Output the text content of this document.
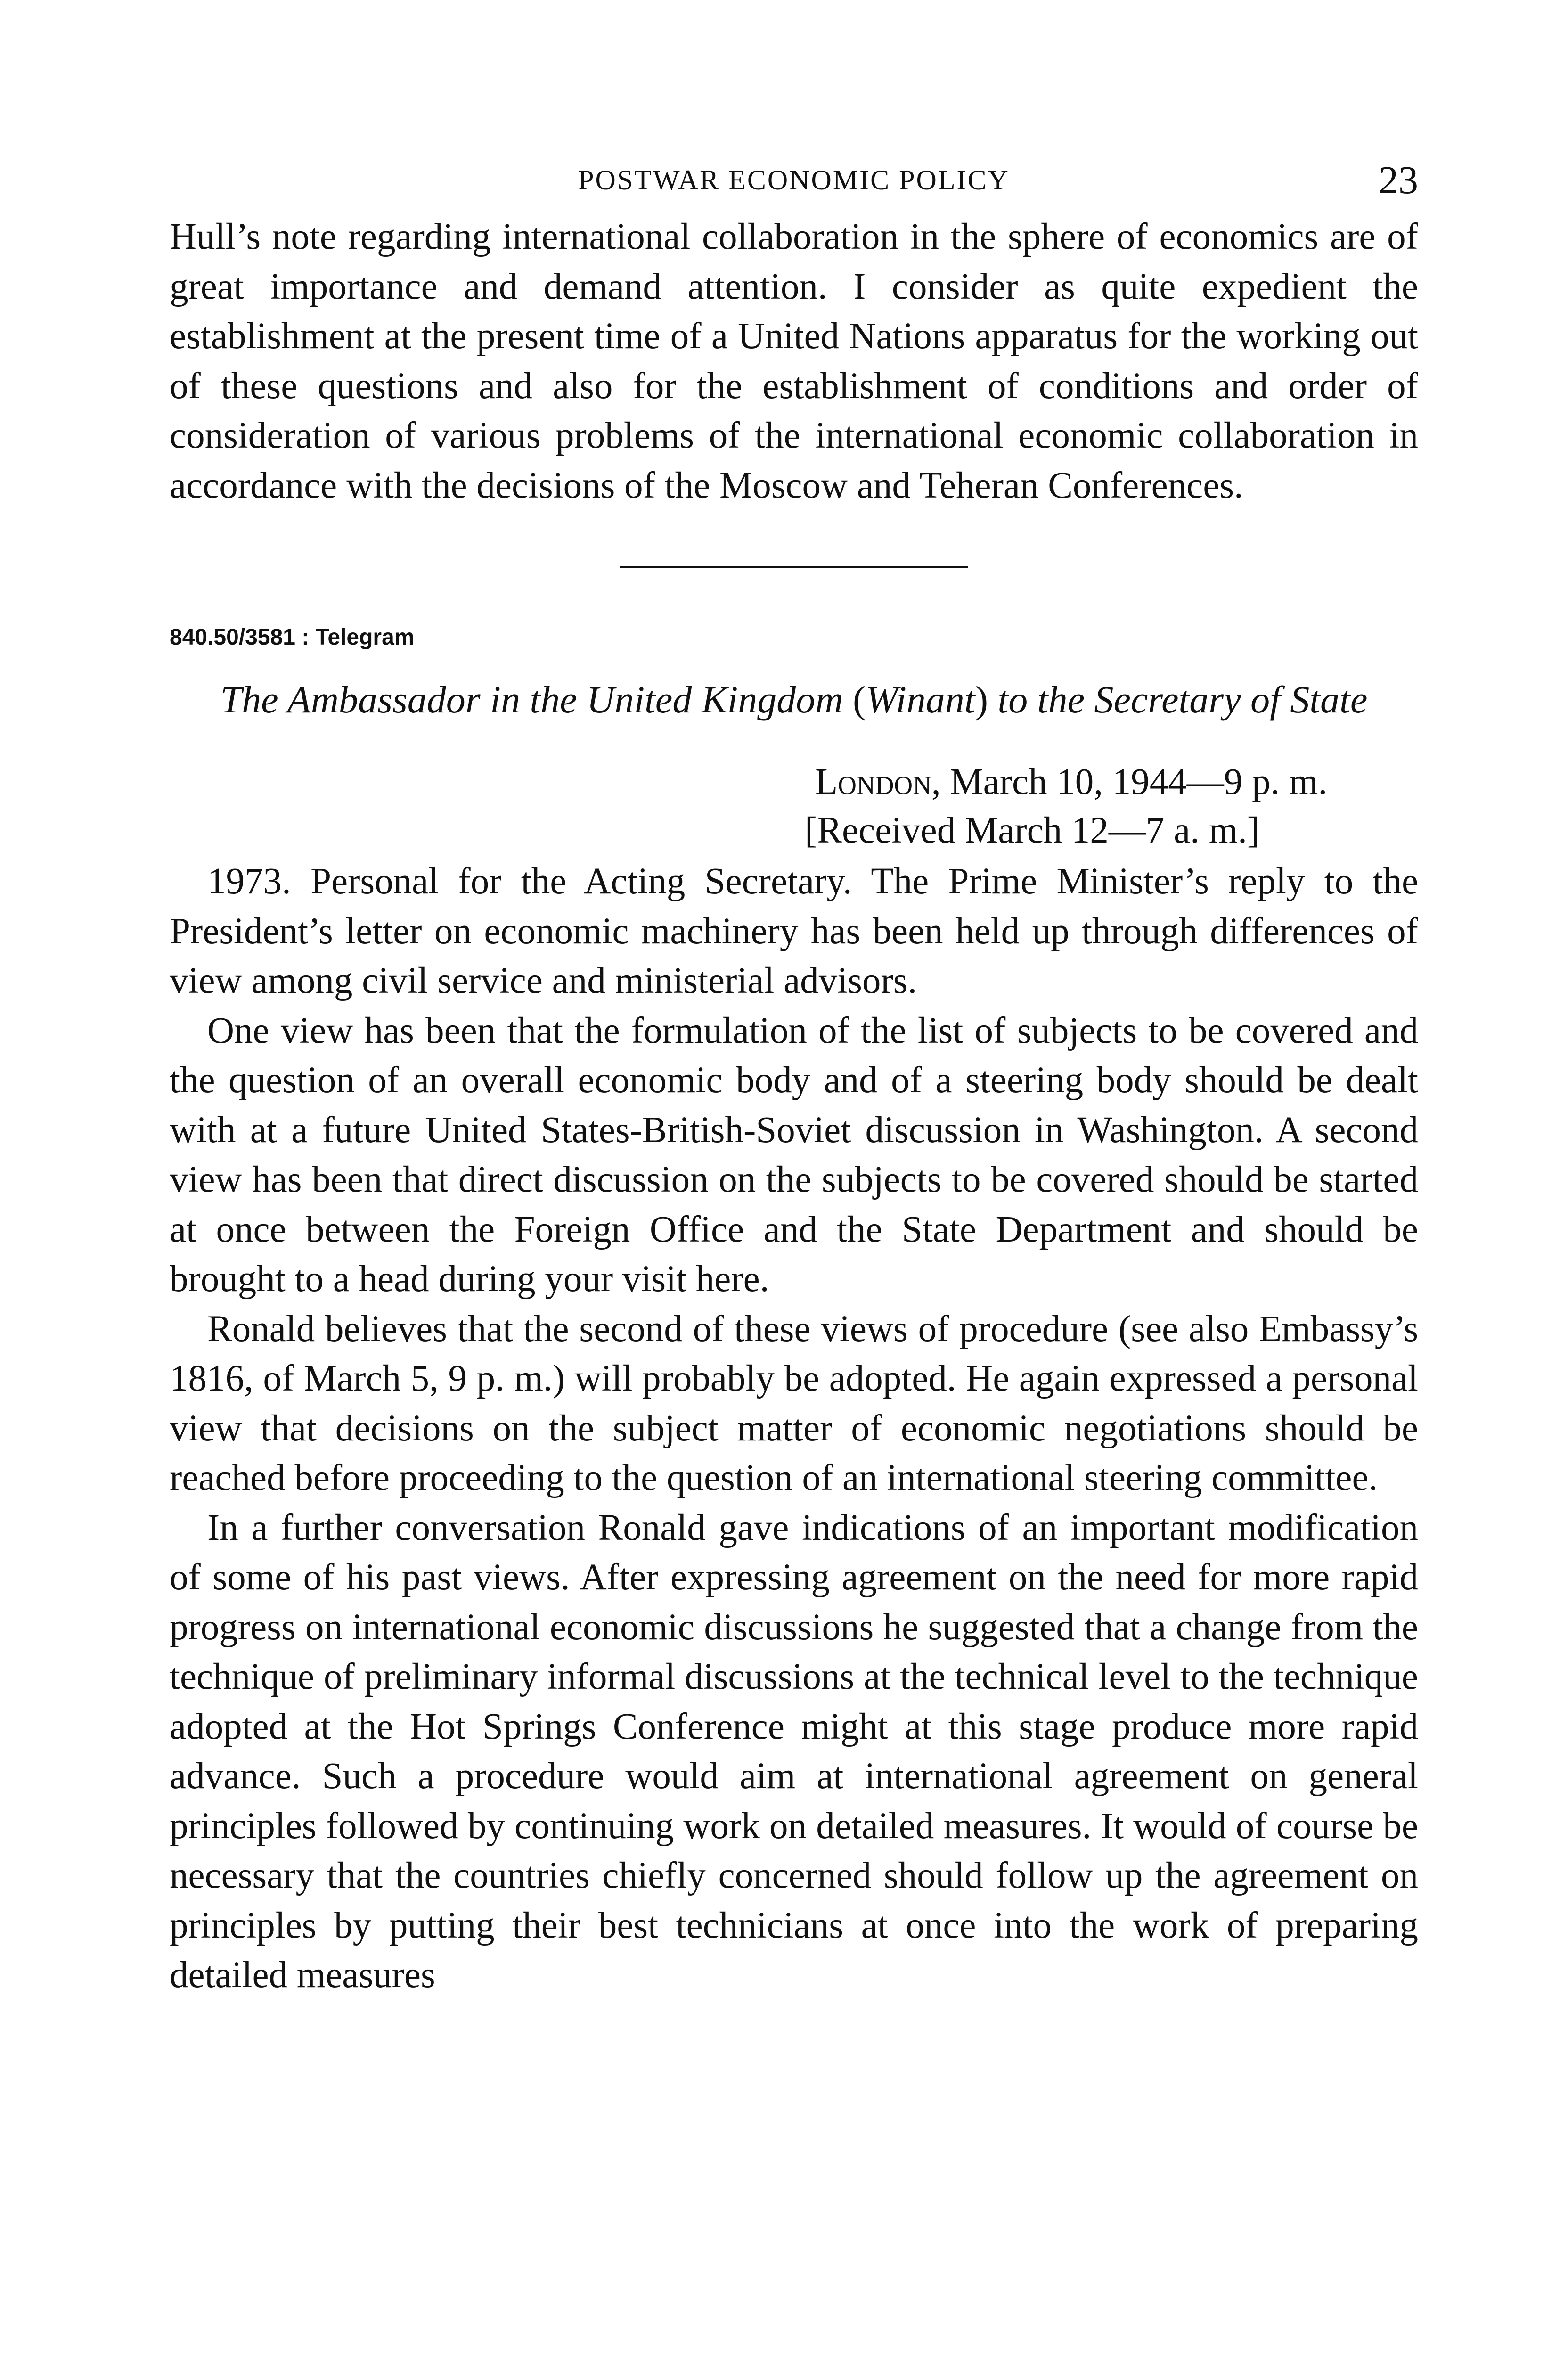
POSTWAR ECONOMIC POLICY	23

Hull’s note regarding international collaboration in the sphere of economics are of great importance and demand attention. I consider as quite expedient the establishment at the present time of a United Nations apparatus for the working out of these questions and also for the establishment of conditions and order of consideration of various problems of the international economic collaboration in accordance with the decisions of the Moscow and Teheran Conferences.

840.50/3581 : Telegram
The Ambassador in the United Kingdom (Winant) to the Secretary of State
London, March 10, 1944—9 p. m.
[Received March 12—7 a. m.]

1973. Personal for the Acting Secretary. The Prime Minister’s reply to the President’s letter on economic machinery has been held up through differences of view among civil service and ministerial advisors.

One view has been that the formulation of the list of subjects to be covered and the question of an overall economic body and of a steering body should be dealt with at a future United States-British-Soviet discussion in Washington. A second view has been that direct discussion on the subjects to be covered should be started at once between the Foreign Office and the State Department and should be brought to a head during your visit here.

Ronald believes that the second of these views of procedure (see also Embassy’s 1816, of March 5, 9 p. m.) will probably be adopted. He again expressed a personal view that decisions on the subject matter of economic negotiations should be reached before proceeding to the question of an international steering committee.

In a further conversation Ronald gave indications of an important modification of some of his past views. After expressing agreement on the need for more rapid progress on international economic discussions he suggested that a change from the technique of preliminary informal discussions at the technical level to the technique adopted at the Hot Springs Conference might at this stage produce more rapid advance. Such a procedure would aim at international agreement on general principles followed by continuing work on detailed measures. It would of course be necessary that the countries chiefly concerned should follow up the agreement on principles by putting their best technicians at once into the work of preparing detailed measures
